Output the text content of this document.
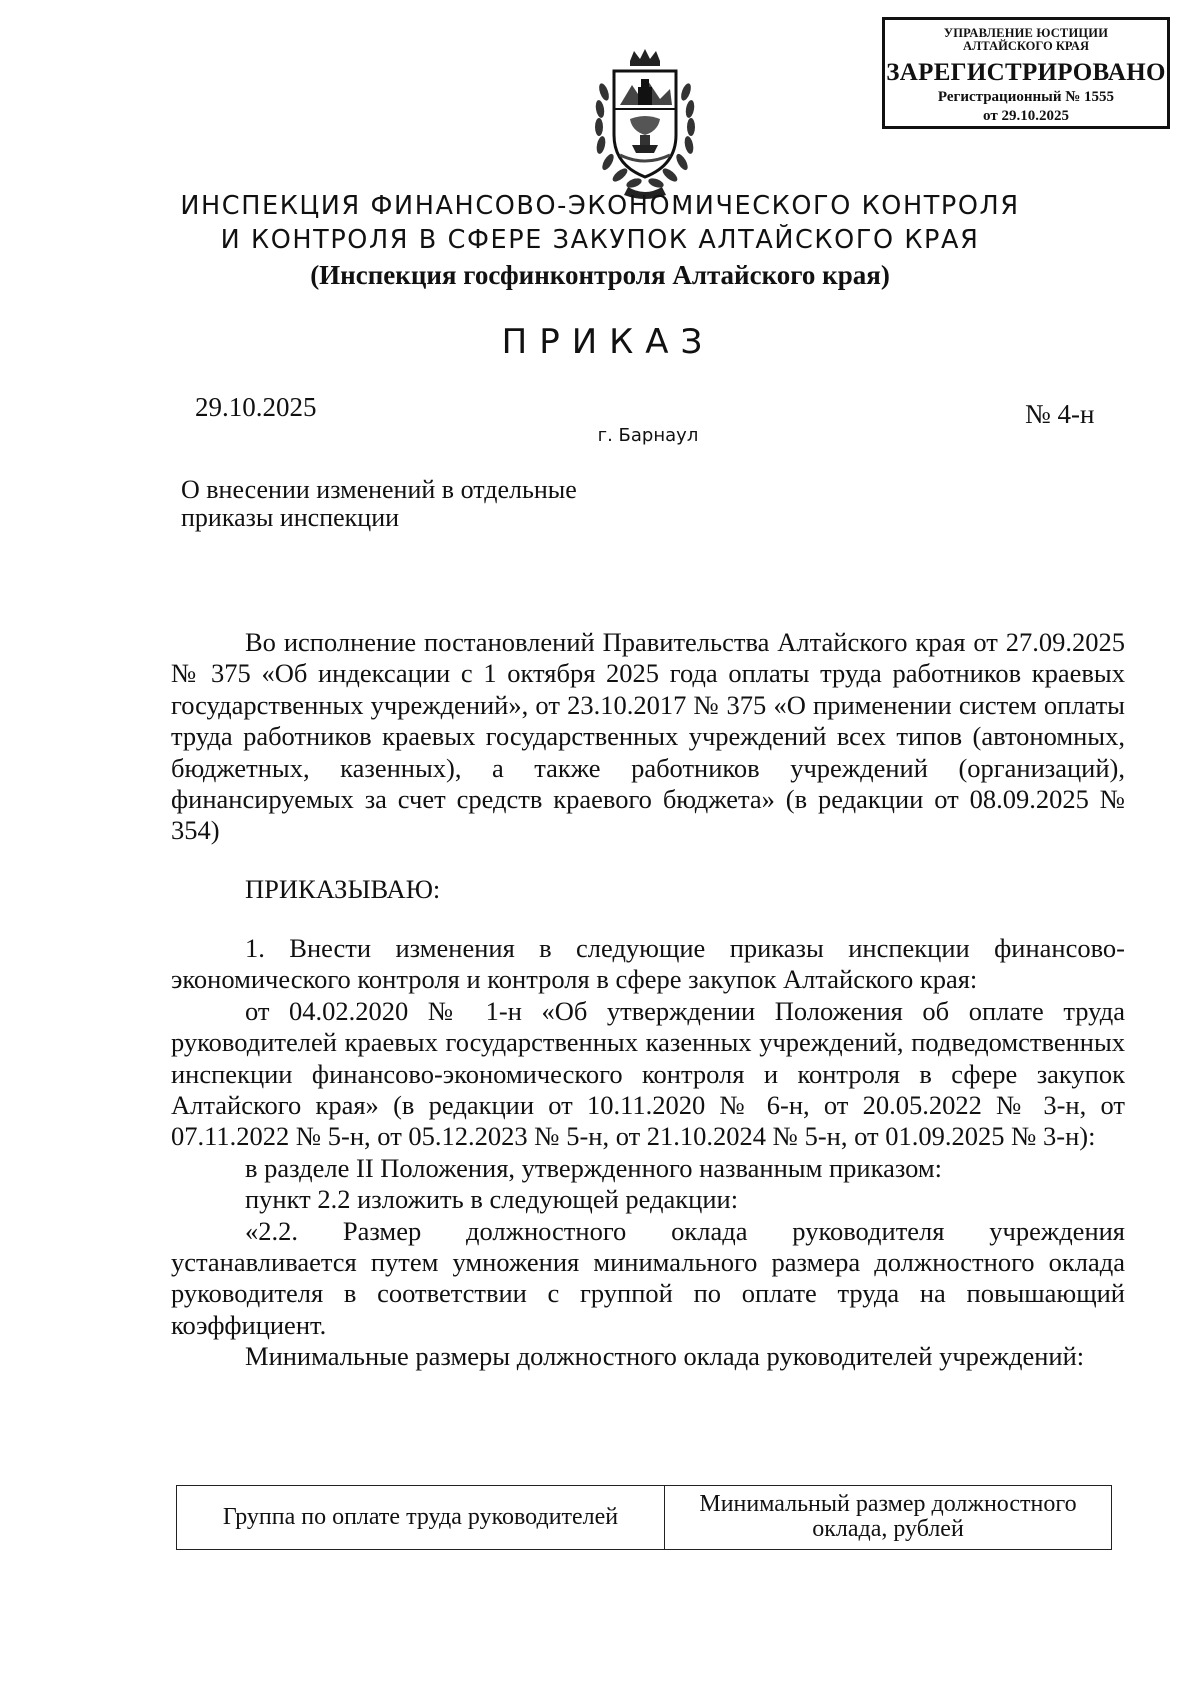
УПРАВЛЕНИЕ ЮСТИЦИИ
АЛТАЙСКОГО КРАЯ
ЗАРЕГИСТРИРОВАНО
Регистрационный № 1555
от 29.10.2025
ИНСПЕКЦИЯ ФИНАНСОВО-ЭКОНОМИЧЕСКОГО КОНТРОЛЯ
И КОНТРОЛЯ В СФЕРЕ ЗАКУПОК АЛТАЙСКОГО КРАЯ
(Инспекция госфинконтроля Алтайского края)
ПРИКАЗ
29.10.2025	№ 4-н
г. Барнаул
О внесении изменений в отдельные
приказы инспекции

Во исполнение постановлений Правительства Алтайского края от 27.09.2025 № 375 «Об индексации с 1 октября 2025 года оплаты труда работников краевых государственных учреждений», от 23.10.2017 № 375 «О применении систем оплаты труда работников краевых государственных учреждений всех типов (автономных, бюджетных, казенных), а также работников учреждений (организаций), финансируемых за счет средств краевого бюджета» (в редакции от 08.09.2025 № 354)

ПРИКАЗЫВАЮ:

1. Внести изменения в следующие приказы инспекции финансово-экономического контроля и контроля в сфере закупок Алтайского края:

от 04.02.2020 № 1-н «Об утверждении Положения об оплате труда руководителей краевых государственных казенных учреждений, подведомственных инспекции финансово-экономического контроля и контроля в сфере закупок Алтайского края» (в редакции от 10.11.2020 № 6-н, от 20.05.2022 № 3-н, от 07.11.2022 № 5-н, от 05.12.2023 № 5-н, от 21.10.2024 № 5-н, от 01.09.2025 № 3-н):

в разделе II Положения, утвержденного названным приказом:

пункт 2.2 изложить в следующей редакции:

«2.2. Размер должностного оклада руководителя учреждения устанавливается путем умножения минимального размера должностного оклада руководителя в соответствии с группой по оплате труда на повышающий коэффициент.

Минимальные размеры должностного оклада руководителей учреждений:

Группа по оплате труда руководителей	Минимальный размер должностного оклада, рублей
